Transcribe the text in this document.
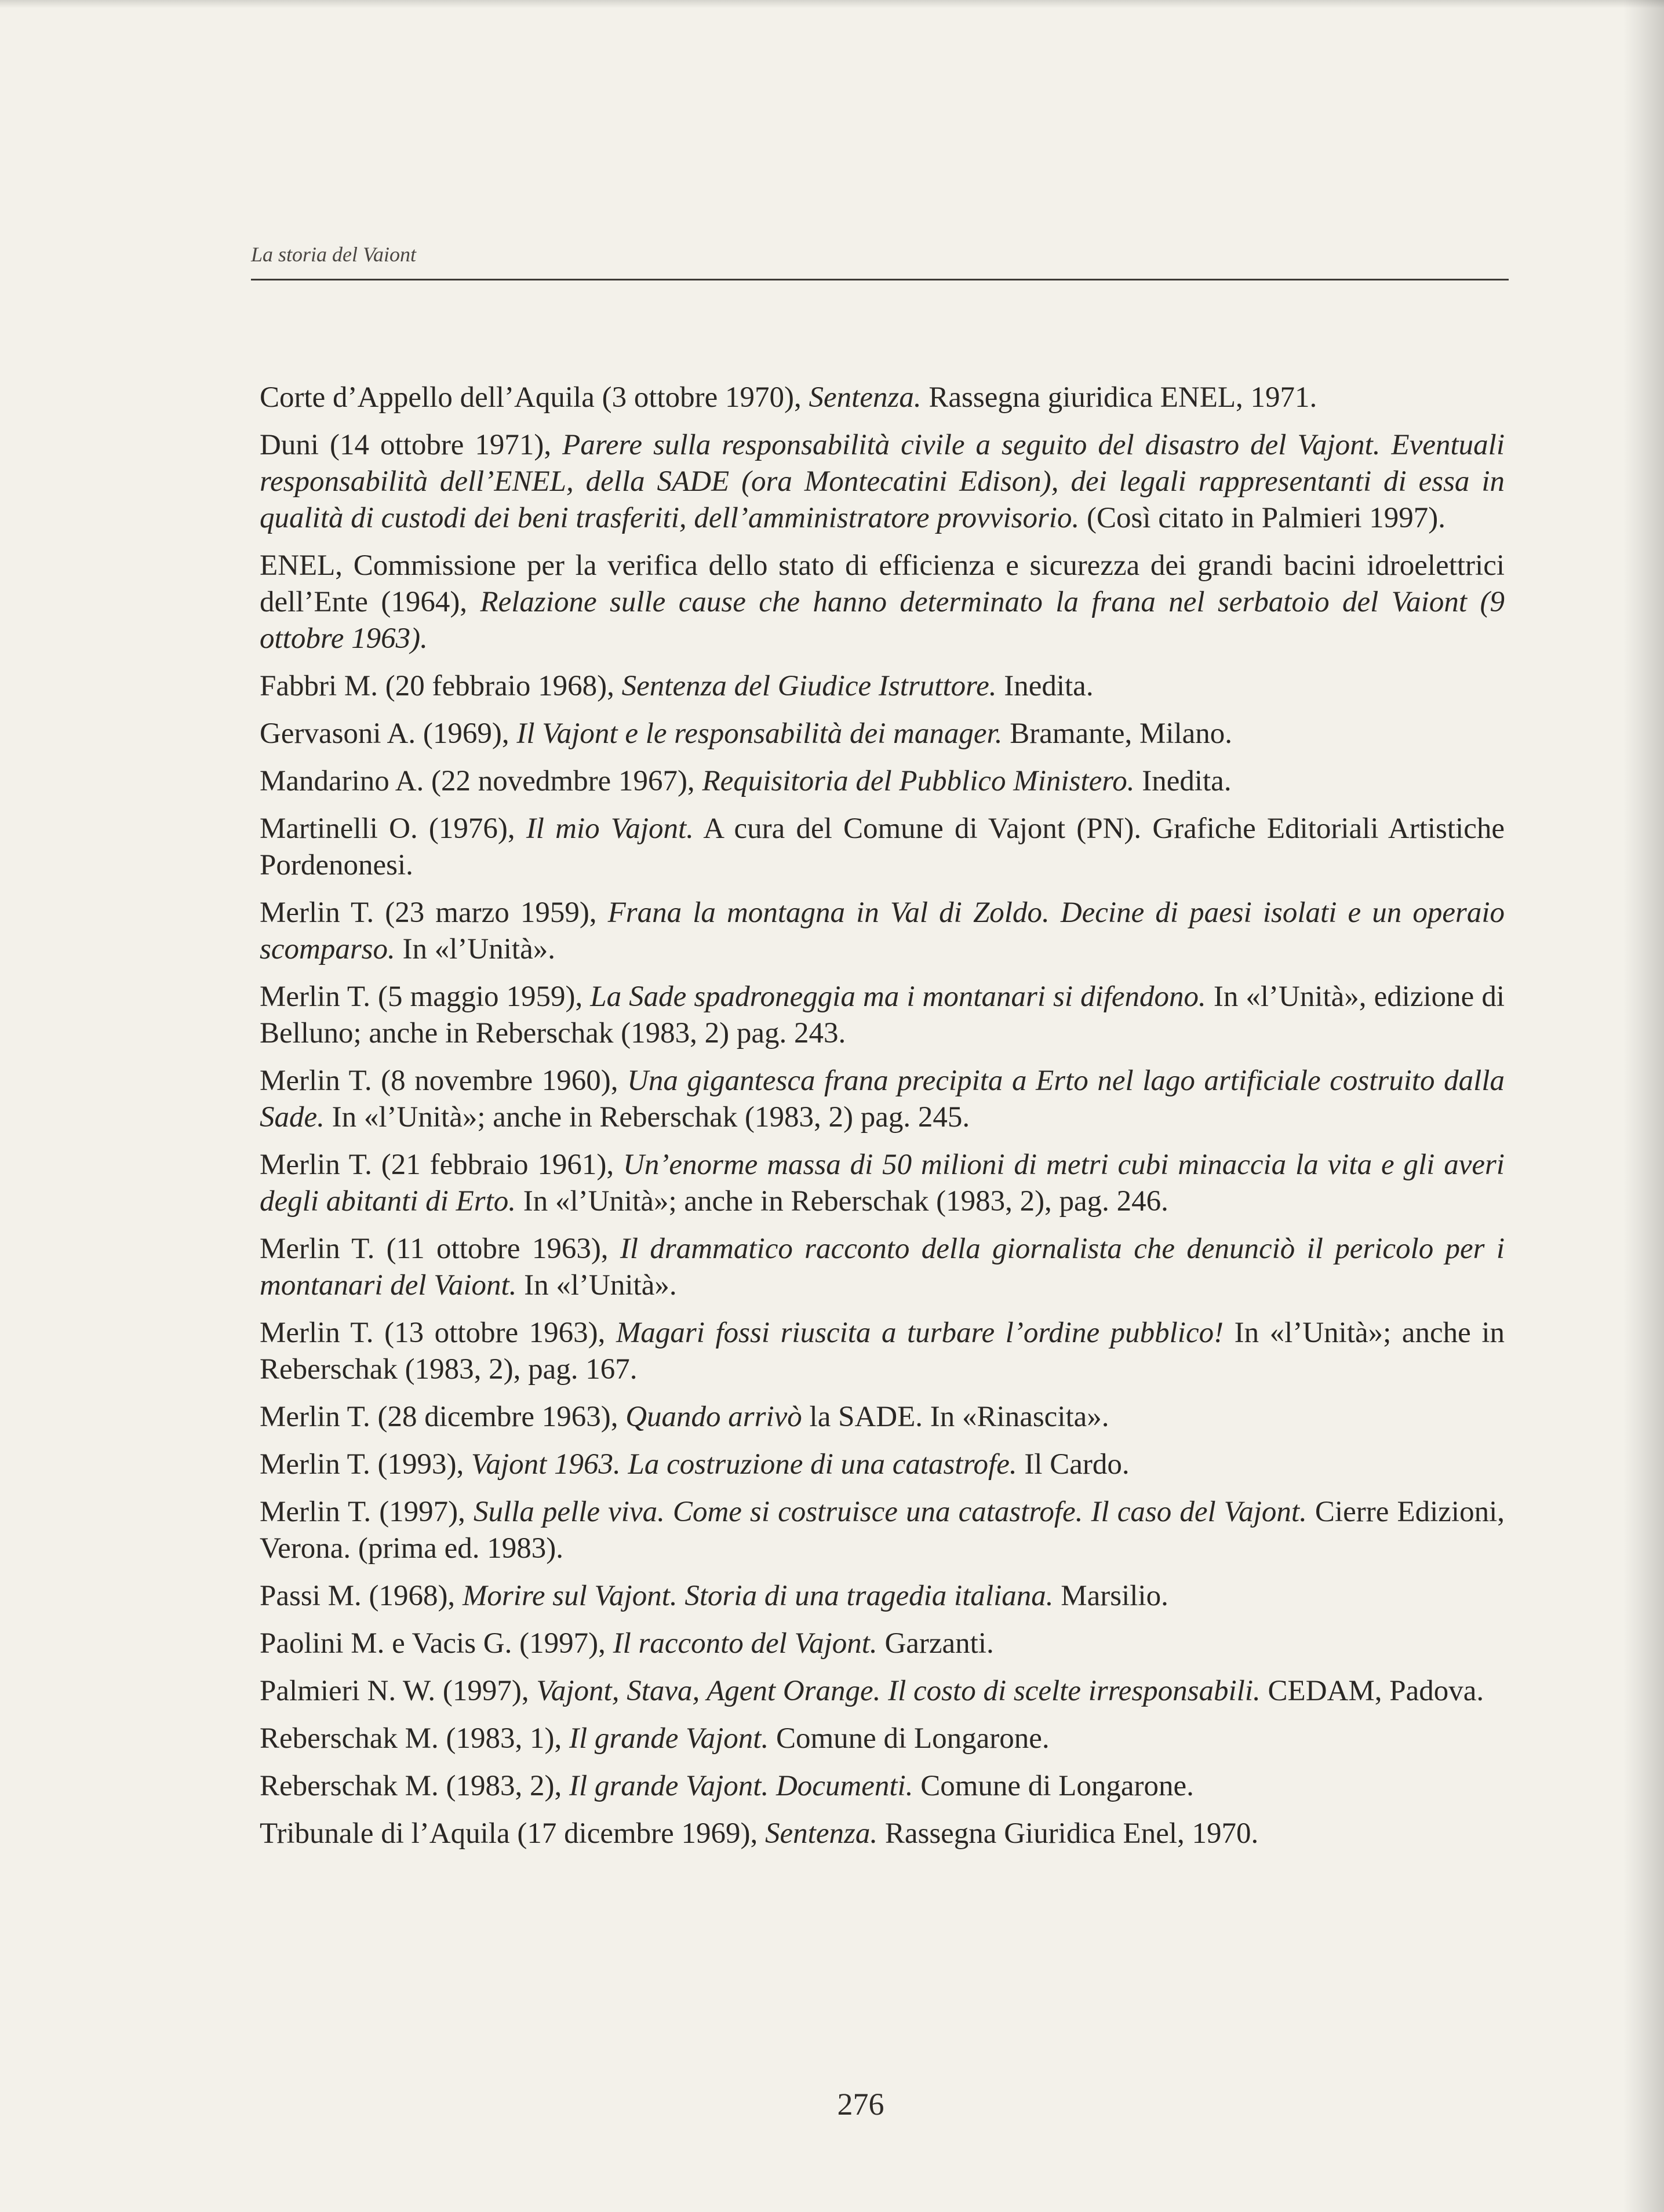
La storia del Vaiont
Corte d’Appello dell’Aquila (3 ottobre 1970), Sentenza. Rassegna giuridica ENEL, 1971.
Duni (14 ottobre 1971), Parere sulla responsabilità civile a seguito del disastro del Vajont. Eventuali responsabilità dell’ENEL, della SADE (ora Montecatini Edison), dei legali rappresentanti di essa in qualità di custodi dei beni trasferiti, dell’amministratore provvisorio. (Così citato in Palmieri 1997).
ENEL, Commissione per la verifica dello stato di efficienza e sicurezza dei grandi bacini idroelettrici dell’Ente (1964), Relazione sulle cause che hanno determinato la frana nel serbatoio del Vaiont (9 ottobre 1963).
Fabbri M. (20 febbraio 1968), Sentenza del Giudice Istruttore. Inedita.
Gervasoni A. (1969), Il Vajont e le responsabilità dei manager. Bramante, Milano.
Mandarino A. (22 novedmbre 1967), Requisitoria del Pubblico Ministero. Inedita.
Martinelli O. (1976), Il mio Vajont. A cura del Comune di Vajont (PN). Grafiche Editoriali Artistiche Pordenonesi.
Merlin T. (23 marzo 1959), Frana la montagna in Val di Zoldo. Decine di paesi isolati e un operaio scomparso. In «l’Unità».
Merlin T. (5 maggio 1959), La Sade spadroneggia ma i montanari si difendono. In «l’Unità», edizione di Belluno; anche in Reberschak (1983, 2) pag. 243.
Merlin T. (8 novembre 1960), Una gigantesca frana precipita a Erto nel lago artificiale costruito dalla Sade. In «l’Unità»; anche in Reberschak (1983, 2) pag. 245.
Merlin T. (21 febbraio 1961), Un’enorme massa di 50 milioni di metri cubi minaccia la vita e gli averi degli abitanti di Erto. In «l’Unità»; anche in Reberschak (1983, 2), pag. 246.
Merlin T. (11 ottobre 1963), Il drammatico racconto della giornalista che denunciò il pericolo per i montanari del Vaiont. In «l’Unità».
Merlin T. (13 ottobre 1963), Magari fossi riuscita a turbare l’ordine pubblico! In «l’Unità»; anche in Reberschak (1983, 2), pag. 167.
Merlin T. (28 dicembre 1963), Quando arrivò la SADE. In «Rinascita».
Merlin T. (1993), Vajont 1963. La costruzione di una catastrofe. Il Cardo.
Merlin T. (1997), Sulla pelle viva. Come si costruisce una catastrofe. Il caso del Vajont. Cierre Edizioni, Verona. (prima ed. 1983).
Passi M. (1968), Morire sul Vajont. Storia di una tragedia italiana. Marsilio.
Paolini M. e Vacis G. (1997), Il racconto del Vajont. Garzanti.
Palmieri N. W. (1997), Vajont, Stava, Agent Orange. Il costo di scelte irresponsabili. CEDAM, Padova.
Reberschak M. (1983, 1), Il grande Vajont. Comune di Longarone.
Reberschak M. (1983, 2), Il grande Vajont. Documenti. Comune di Longarone.
Tribunale di l’Aquila (17 dicembre 1969), Sentenza. Rassegna Giuridica Enel, 1970.
276
